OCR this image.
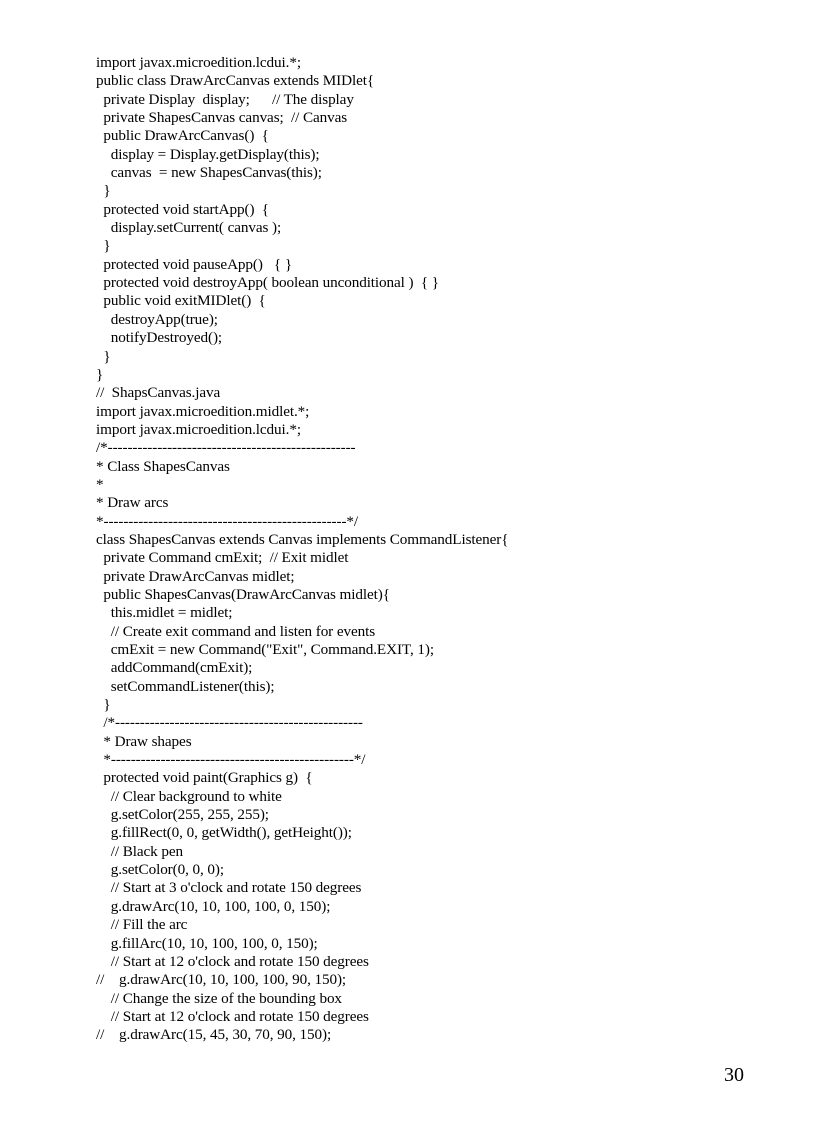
import javax.microedition.lcdui.*;
public class DrawArcCanvas extends MIDlet{
private Display  display;      // The display
private ShapesCanvas canvas;  // Canvas
public DrawArcCanvas()  {
display = Display.getDisplay(this);
canvas  = new ShapesCanvas(this);
}
protected void startApp()  {
display.setCurrent( canvas );
}
protected void pauseApp()   { }
protected void destroyApp( boolean unconditional )  { }
public void exitMIDlet()  {
destroyApp(true);
notifyDestroyed();
}
}
//  ShapsCanvas.java
import javax.microedition.midlet.*;
import javax.microedition.lcdui.*;
/*--------------------------------------------------
* Class ShapesCanvas
*
* Draw arcs
*-------------------------------------------------*/
class ShapesCanvas extends Canvas implements CommandListener{
private Command cmExit;  // Exit midlet
private DrawArcCanvas midlet;
public ShapesCanvas(DrawArcCanvas midlet){
this.midlet = midlet;
// Create exit command and listen for events
cmExit = new Command("Exit", Command.EXIT, 1);
addCommand(cmExit);
setCommandListener(this);
}
/*--------------------------------------------------
* Draw shapes
*-------------------------------------------------*/
protected void paint(Graphics g)  {
// Clear background to white
g.setColor(255, 255, 255);
g.fillRect(0, 0, getWidth(), getHeight());
// Black pen
g.setColor(0, 0, 0);
// Start at 3 o'clock and rotate 150 degrees
g.drawArc(10, 10, 100, 100, 0, 150);
// Fill the arc
g.fillArc(10, 10, 100, 100, 0, 150);
// Start at 12 o'clock and rotate 150 degrees
//    g.drawArc(10, 10, 100, 100, 90, 150);
// Change the size of the bounding box
// Start at 12 o'clock and rotate 150 degrees
//    g.drawArc(15, 45, 30, 70, 90, 150);
30
